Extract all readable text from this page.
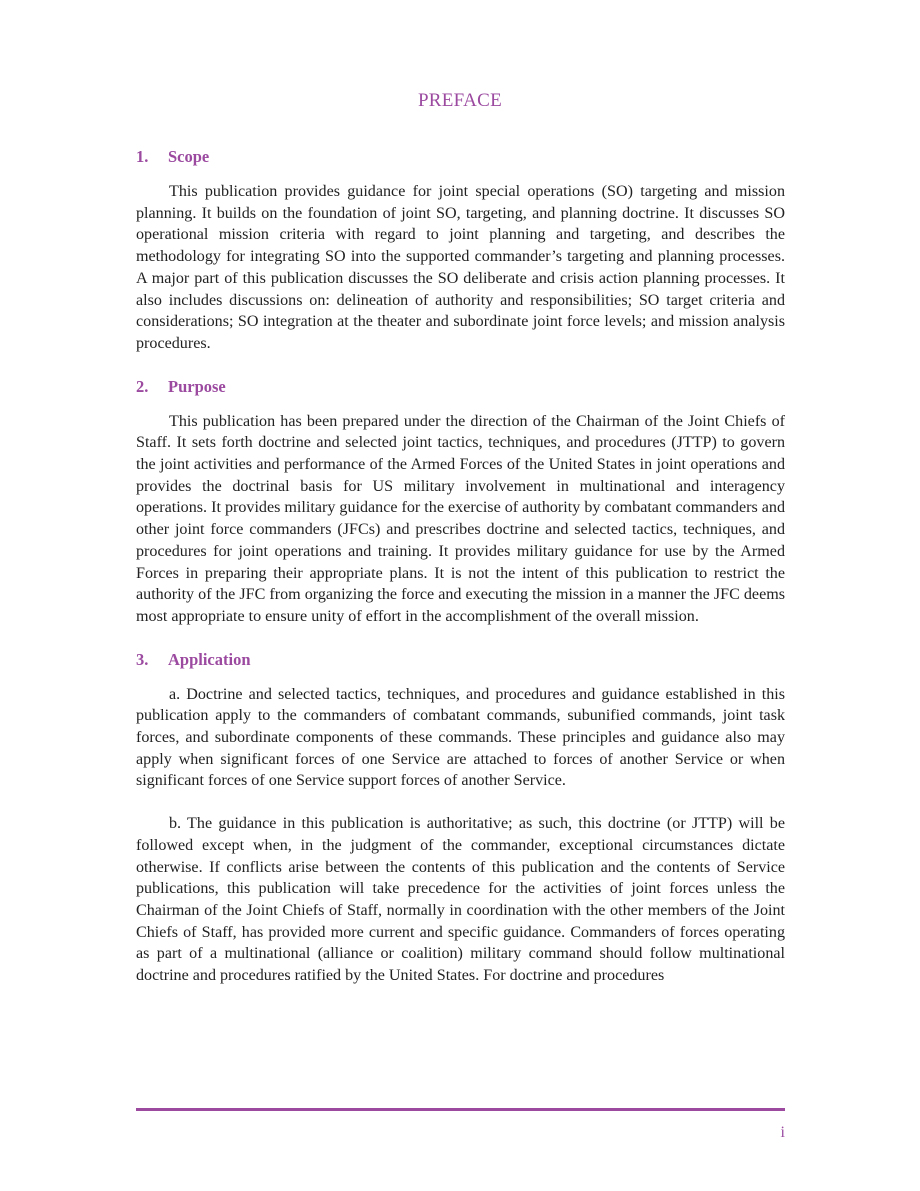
PREFACE
1. Scope

This publication provides guidance for joint special operations (SO) targeting and mission planning. It builds on the foundation of joint SO, targeting, and planning doctrine. It discusses SO operational mission criteria with regard to joint planning and targeting, and describes the methodology for integrating SO into the supported commander’s targeting and planning processes. A major part of this publication discusses the SO deliberate and crisis action planning processes. It also includes discussions on: delineation of authority and responsibilities; SO target criteria and considerations; SO integration at the theater and subordinate joint force levels; and mission analysis procedures.

2. Purpose

This publication has been prepared under the direction of the Chairman of the Joint Chiefs of Staff. It sets forth doctrine and selected joint tactics, techniques, and procedures (JTTP) to govern the joint activities and performance of the Armed Forces of the United States in joint operations and provides the doctrinal basis for US military involvement in multinational and interagency operations. It provides military guidance for the exercise of authority by combatant commanders and other joint force commanders (JFCs) and prescribes doctrine and selected tactics, techniques, and procedures for joint operations and training. It provides military guidance for use by the Armed Forces in preparing their appropriate plans. It is not the intent of this publication to restrict the authority of the JFC from organizing the force and executing the mission in a manner the JFC deems most appropriate to ensure unity of effort in the accomplishment of the overall mission.

3. Application

a. Doctrine and selected tactics, techniques, and procedures and guidance established in this publication apply to the commanders of combatant commands, subunified commands, joint task forces, and subordinate components of these commands. These principles and guidance also may apply when significant forces of one Service are attached to forces of another Service or when significant forces of one Service support forces of another Service.

b. The guidance in this publication is authoritative; as such, this doctrine (or JTTP) will be followed except when, in the judgment of the commander, exceptional circumstances dictate otherwise. If conflicts arise between the contents of this publication and the contents of Service publications, this publication will take precedence for the activities of joint forces unless the Chairman of the Joint Chiefs of Staff, normally in coordination with the other members of the Joint Chiefs of Staff, has provided more current and specific guidance. Commanders of forces operating as part of a multinational (alliance or coalition) military command should follow multinational doctrine and procedures ratified by the United States. For doctrine and procedures

i
